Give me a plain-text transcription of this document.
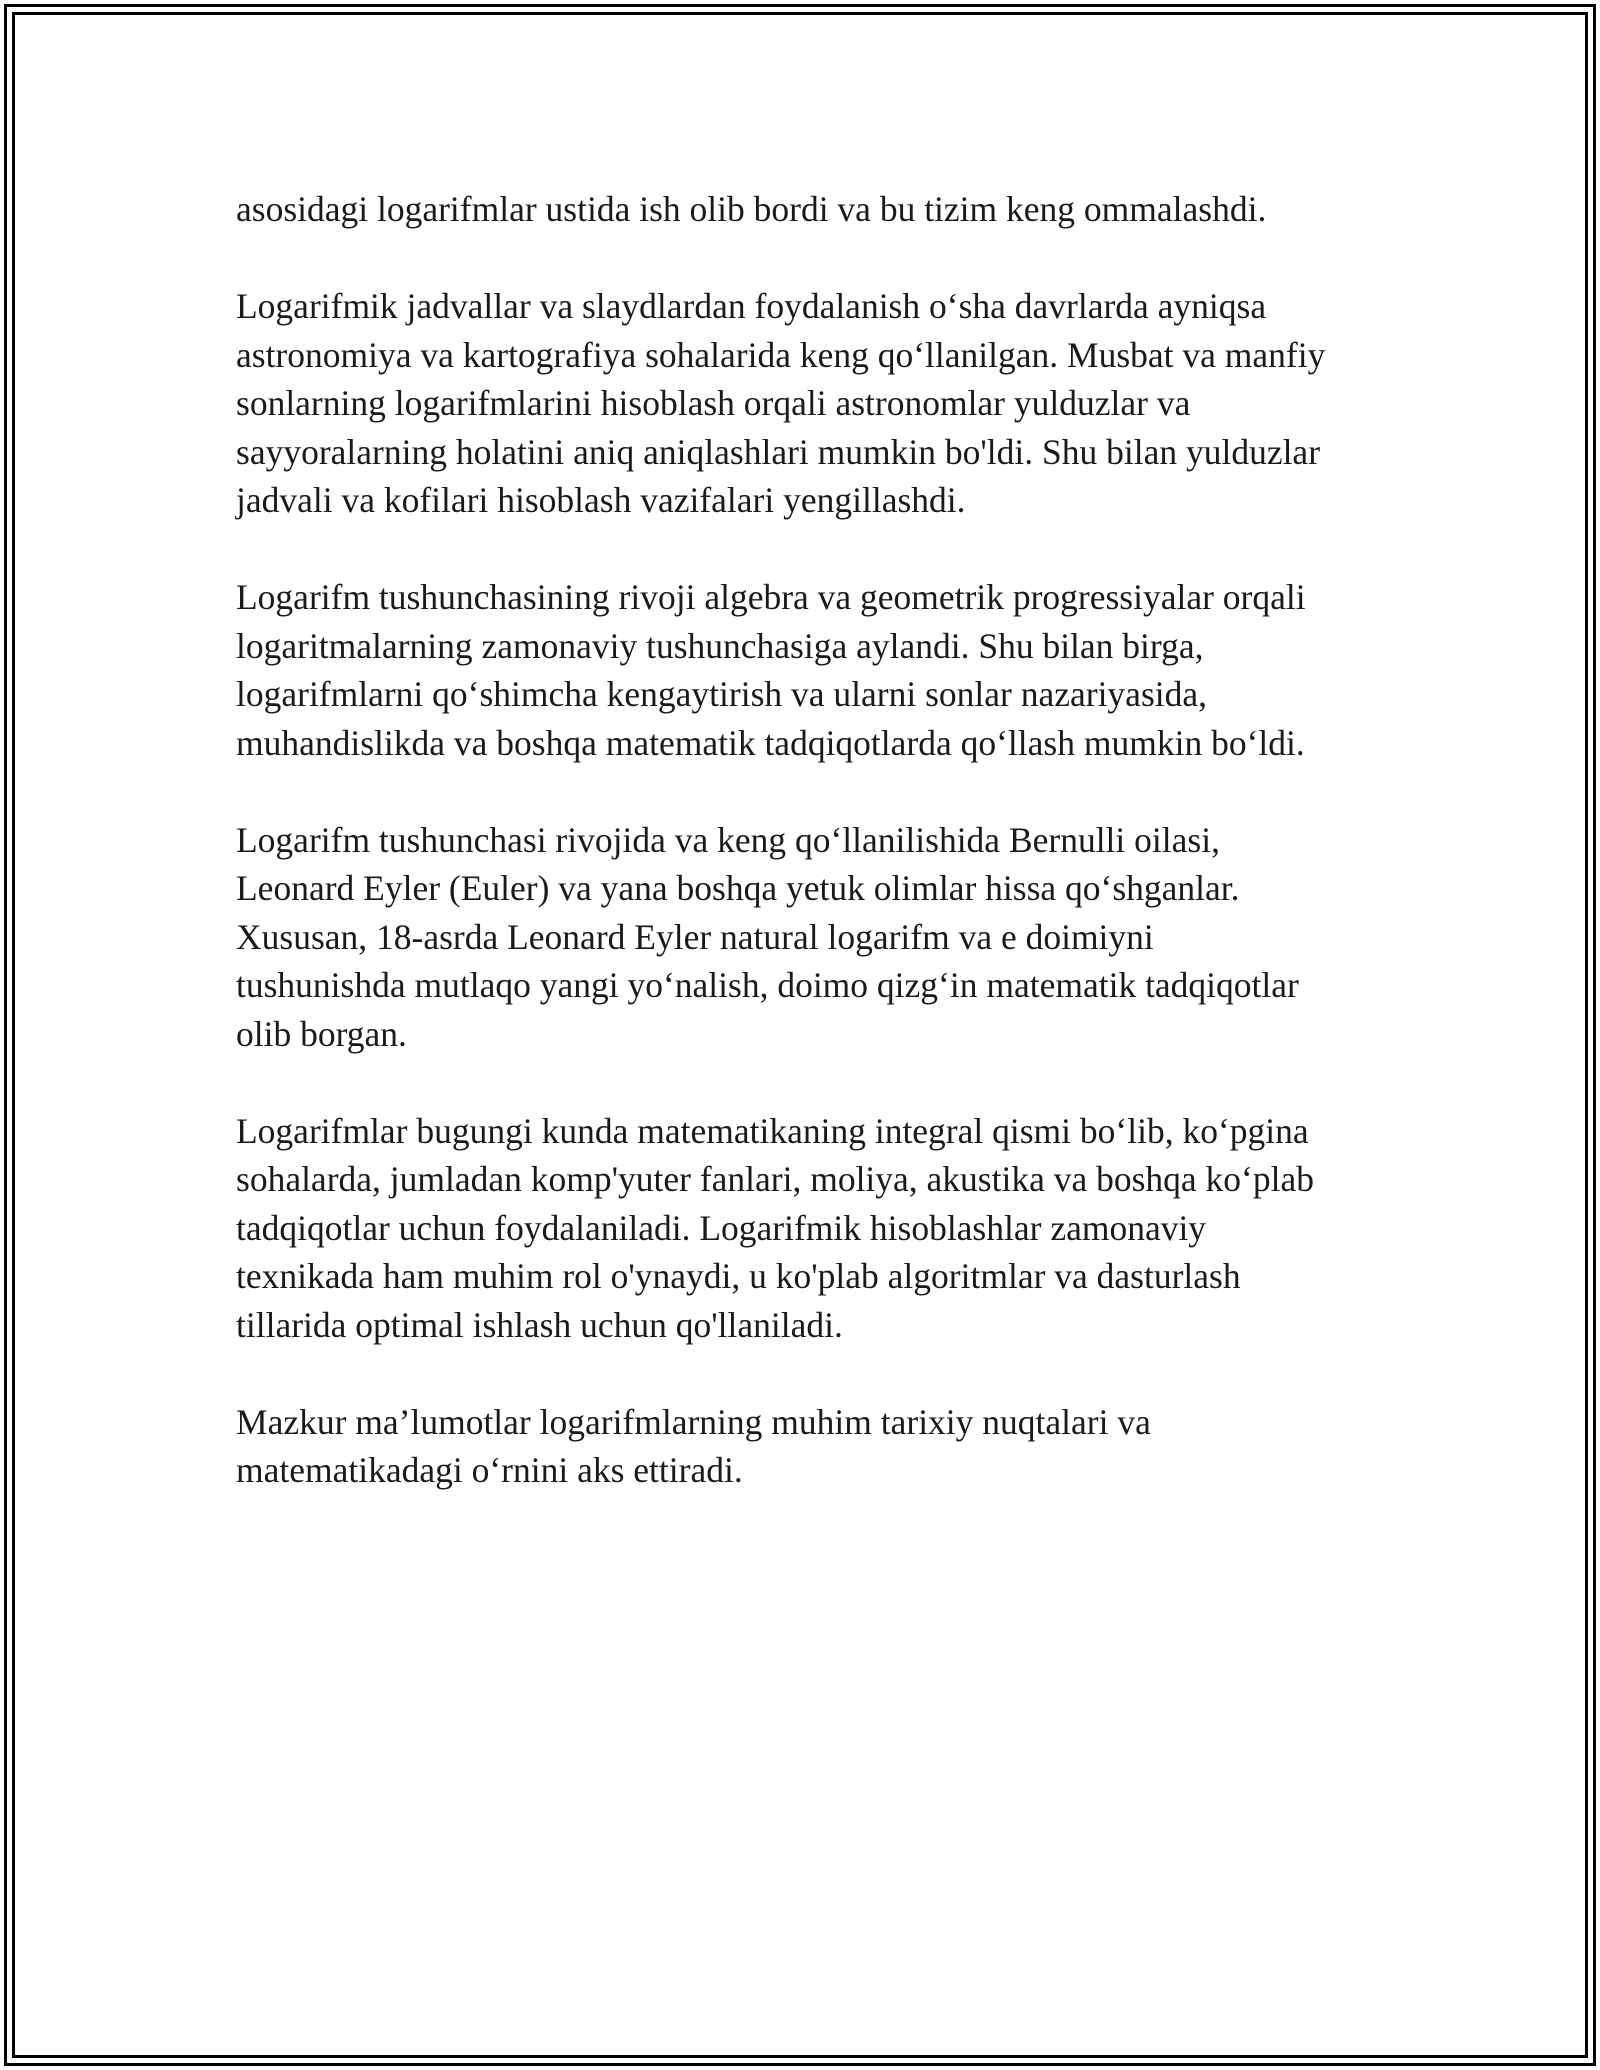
asosidagi logarifmlar ustida ish olib bordi va bu tizim keng ommalashdi.

Logarifmik jadvallar va slaydlardan foydalanish o‘sha davrlarda ayniqsa
astronomiya va kartografiya sohalarida keng qo‘llanilgan. Musbat va manfiy
sonlarning logarifmlarini hisoblash orqali astronomlar yulduzlar va
sayyoralarning holatini aniq aniqlashlari mumkin bo'ldi. Shu bilan yulduzlar
jadvali va kofilari hisoblash vazifalari yengillashdi.

Logarifm tushunchasining rivoji algebra va geometrik progressiyalar orqali
logaritmalarning zamonaviy tushunchasiga aylandi. Shu bilan birga,
logarifmlarni qo‘shimcha kengaytirish va ularni sonlar nazariyasida,
muhandislikda va boshqa matematik tadqiqotlarda qo‘llash mumkin bo‘ldi.

Logarifm tushunchasi rivojida va keng qo‘llanilishida Bernulli oilasi,
Leonard Eyler (Euler) va yana boshqa yetuk olimlar hissa qo‘shganlar.
Xususan, 18-asrda Leonard Eyler natural logarifm va e doimiyni
tushunishda mutlaqo yangi yo‘nalish, doimo qizg‘in matematik tadqiqotlar
olib borgan.

Logarifmlar bugungi kunda matematikaning integral qismi bo‘lib, ko‘pgina
sohalarda, jumladan komp'yuter fanlari, moliya, akustika va boshqa ko‘plab
tadqiqotlar uchun foydalaniladi. Logarifmik hisoblashlar zamonaviy
texnikada ham muhim rol o'ynaydi, u ko'plab algoritmlar va dasturlash
tillarida optimal ishlash uchun qo'llaniladi.

Mazkur ma’lumotlar logarifmlarning muhim tarixiy nuqtalari va
matematikadagi o‘rnini aks ettiradi.
